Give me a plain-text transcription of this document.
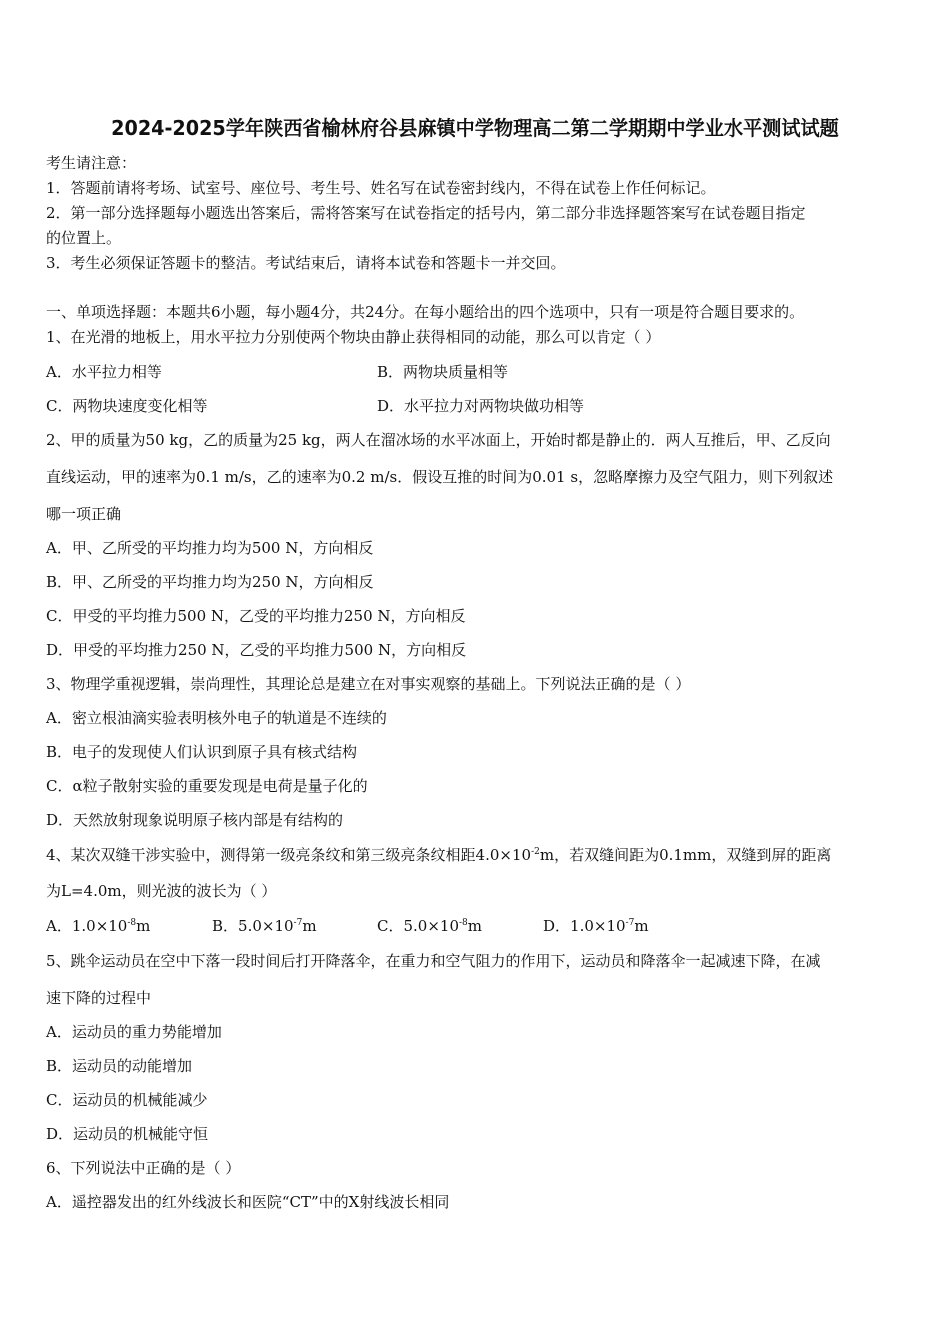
2024-2025学年陕西省榆林府谷县麻镇中学物理高二第二学期期中学业水平测试试题
考生请注意：
1．答题前请将考场、试室号、座位号、考生号、姓名写在试卷密封线内，不得在试卷上作任何标记。
2．第一部分选择题每小题选出答案后，需将答案写在试卷指定的括号内，第二部分非选择题答案写在试卷题目指定
的位置上。
3．考生必须保证答题卡的整洁。考试结束后，请将本试卷和答题卡一并交回。
一、单项选择题：本题共6小题，每小题4分，共24分。在每小题给出的四个选项中，只有一项是符合题目要求的。
1、在光滑的地板上，用水平拉力分别使两个物块由静止获得相同的动能，那么可以肯定（ ）
A．水平拉力相等	B．两物块质量相等
C．两物块速度变化相等	D．水平拉力对两物块做功相等
2、甲的质量为50 kg，乙的质量为25 kg，两人在溜冰场的水平冰面上，开始时都是静止的．两人互推后，甲、乙反向
直线运动，甲的速率为0.1 m/s，乙的速率为0.2 m/s．假设互推的时间为0.01 s，忽略摩擦力及空气阻力，则下列叙述
哪一项正确
A．甲、乙所受的平均推力均为500 N，方向相反
B．甲、乙所受的平均推力均为250 N，方向相反
C．甲受的平均推力500 N，乙受的平均推力250 N，方向相反
D．甲受的平均推力250 N，乙受的平均推力500 N，方向相反
3、物理学重视逻辑，崇尚理性，其理论总是建立在对事实观察的基础上。下列说法正确的是（ ）
A．密立根油滴实验表明核外电子的轨道是不连续的
B．电子的发现使人们认识到原子具有核式结构
C．α粒子散射实验的重要发现是电荷是量子化的
D．天然放射现象说明原子核内部是有结构的
4、某次双缝干涉实验中，测得第一级亮条纹和第三级亮条纹相距$4.0\times 10^{-2}m$，若双缝间距为0.1mm，双缝到屏的距离
为L=4.0m，则光波的波长为（ ）
A．$1.0\times 10^{-8}m$	B．$5.0\times 10^{-7}m$	C．$5.0\times 10^{-8}m$	D．$1.0\times 10^{-7}m$
5、跳伞运动员在空中下落一段时间后打开降落伞，在重力和空气阻力的作用下，运动员和降落伞一起减速下降，在减
速下降的过程中
A．运动员的重力势能增加
B．运动员的动能增加
C．运动员的机械能减少
D．运动员的机械能守恒
6、下列说法中正确的是（ ）
A．遥控器发出的红外线波长和医院“CT”中的X射线波长相同
